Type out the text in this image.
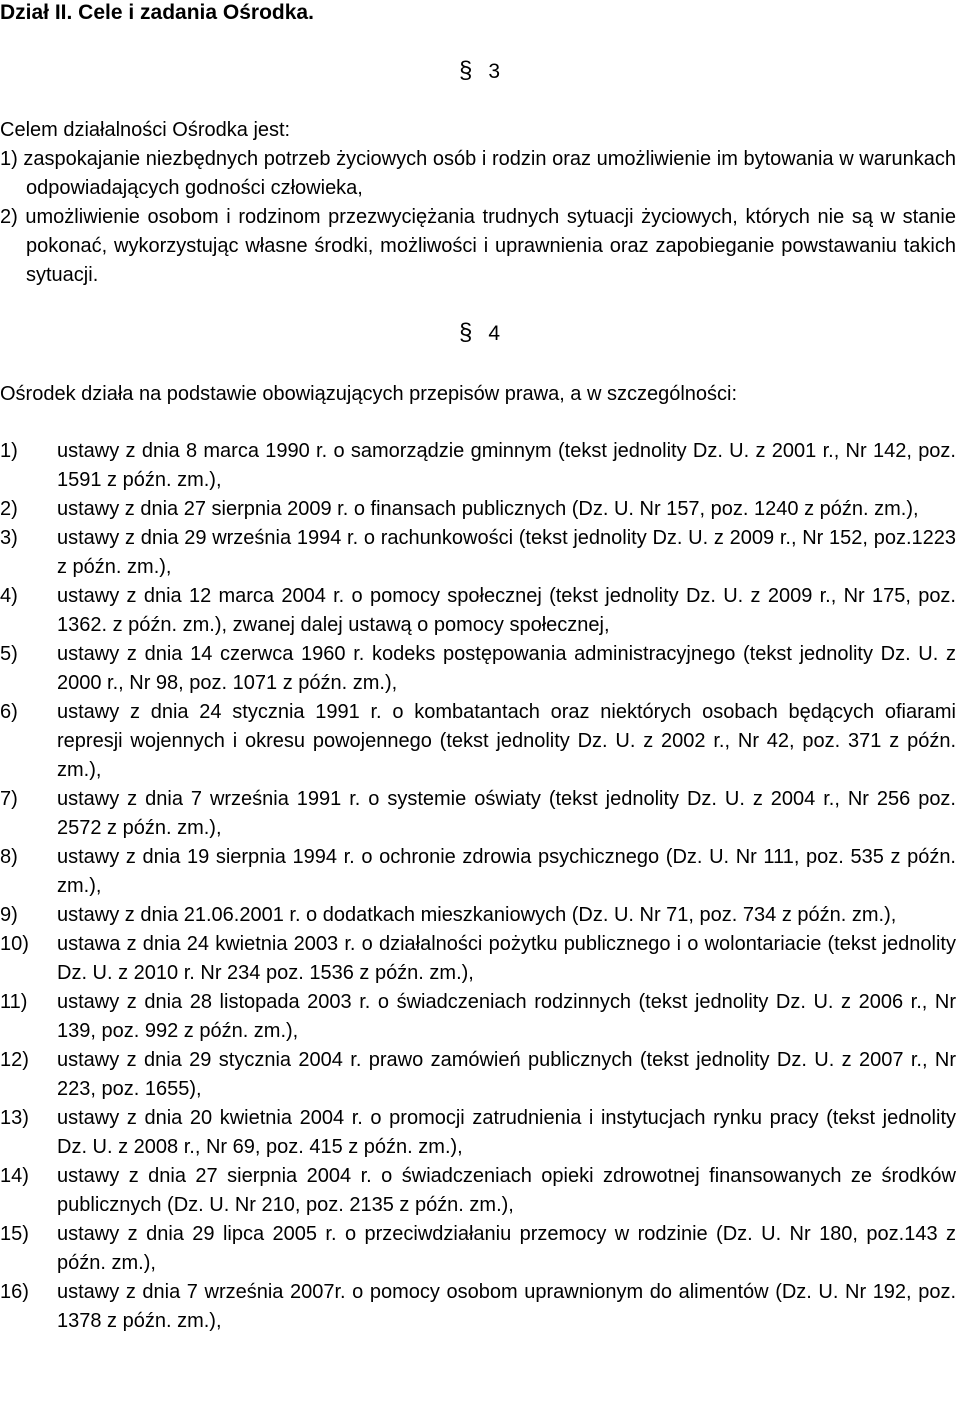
Dział II. Cele i zadania Ośrodka.
§ 3

Celem działalności Ośrodka jest:

1) zaspokajanie niezbędnych potrzeb życiowych osób i rodzin oraz umożliwienie im bytowania w warunkach odpowiadających godności człowieka,

2) umożliwienie osobom i rodzinom przezwyciężania trudnych sytuacji życiowych, których nie są w stanie pokonać, wykorzystując własne środki, możliwości i uprawnienia oraz zapobieganie powstawaniu takich sytuacji.

§ 4
Ośrodek działa na podstawie obowiązujących przepisów prawa, a w szczególności:
1) ustawy z dnia 8 marca 1990 r. o samorządzie gminnym (tekst jednolity Dz. U. z 2001 r., Nr 142, poz. 1591 z późn. zm.),
2) ustawy z dnia 27 sierpnia 2009 r. o finansach publicznych (Dz. U. Nr 157, poz. 1240 z późn. zm.),
3) ustawy z dnia 29 września 1994 r. o rachunkowości (tekst jednolity Dz. U. z 2009 r., Nr 152, poz.1223 z późn. zm.),
4) ustawy z dnia 12 marca 2004 r. o pomocy społecznej (tekst jednolity Dz. U. z 2009 r., Nr 175, poz. 1362. z późn. zm.), zwanej dalej ustawą o pomocy społecznej,
5) ustawy z dnia 14 czerwca 1960 r. kodeks postępowania administracyjnego (tekst jednolity Dz. U. z 2000 r., Nr 98, poz. 1071 z późn. zm.),
6) ustawy z dnia 24 stycznia 1991 r. o kombatantach oraz niektórych osobach będących ofiarami represji wojennych i okresu powojennego (tekst jednolity Dz. U. z 2002 r., Nr 42, poz. 371 z późn. zm.),
7) ustawy z dnia 7 września 1991 r. o systemie oświaty (tekst jednolity Dz. U. z 2004 r., Nr 256 poz. 2572 z późn. zm.),
8) ustawy z dnia 19 sierpnia 1994 r. o ochronie zdrowia psychicznego (Dz. U. Nr 111, poz. 535 z późn. zm.),
9) ustawy z dnia 21.06.2001 r. o dodatkach mieszkaniowych (Dz. U. Nr 71, poz. 734 z późn. zm.),
10) ustawa z dnia 24 kwietnia 2003 r. o działalności pożytku publicznego i o wolontariacie (tekst jednolity Dz. U. z 2010 r. Nr 234 poz. 1536 z późn. zm.),
11) ustawy z dnia 28 listopada 2003 r. o świadczeniach rodzinnych (tekst jednolity Dz. U. z 2006 r., Nr 139, poz. 992 z późn. zm.),
12) ustawy z dnia 29 stycznia 2004 r. prawo zamówień publicznych (tekst jednolity Dz. U. z 2007 r., Nr 223, poz. 1655),
13) ustawy z dnia 20 kwietnia 2004 r. o promocji zatrudnienia i instytucjach rynku pracy (tekst jednolity Dz. U. z 2008 r., Nr 69, poz. 415 z późn. zm.),
14) ustawy z dnia 27 sierpnia 2004 r. o świadczeniach opieki zdrowotnej finansowanych ze środków publicznych (Dz. U. Nr 210, poz. 2135 z późn. zm.),
15) ustawy z dnia 29 lipca 2005 r. o przeciwdziałaniu przemocy w rodzinie (Dz. U. Nr 180, poz.143 z późn. zm.),
16) ustawy z dnia 7 września 2007r. o pomocy osobom uprawnionym do alimentów (Dz. U. Nr 192, poz. 1378 z późn. zm.),
